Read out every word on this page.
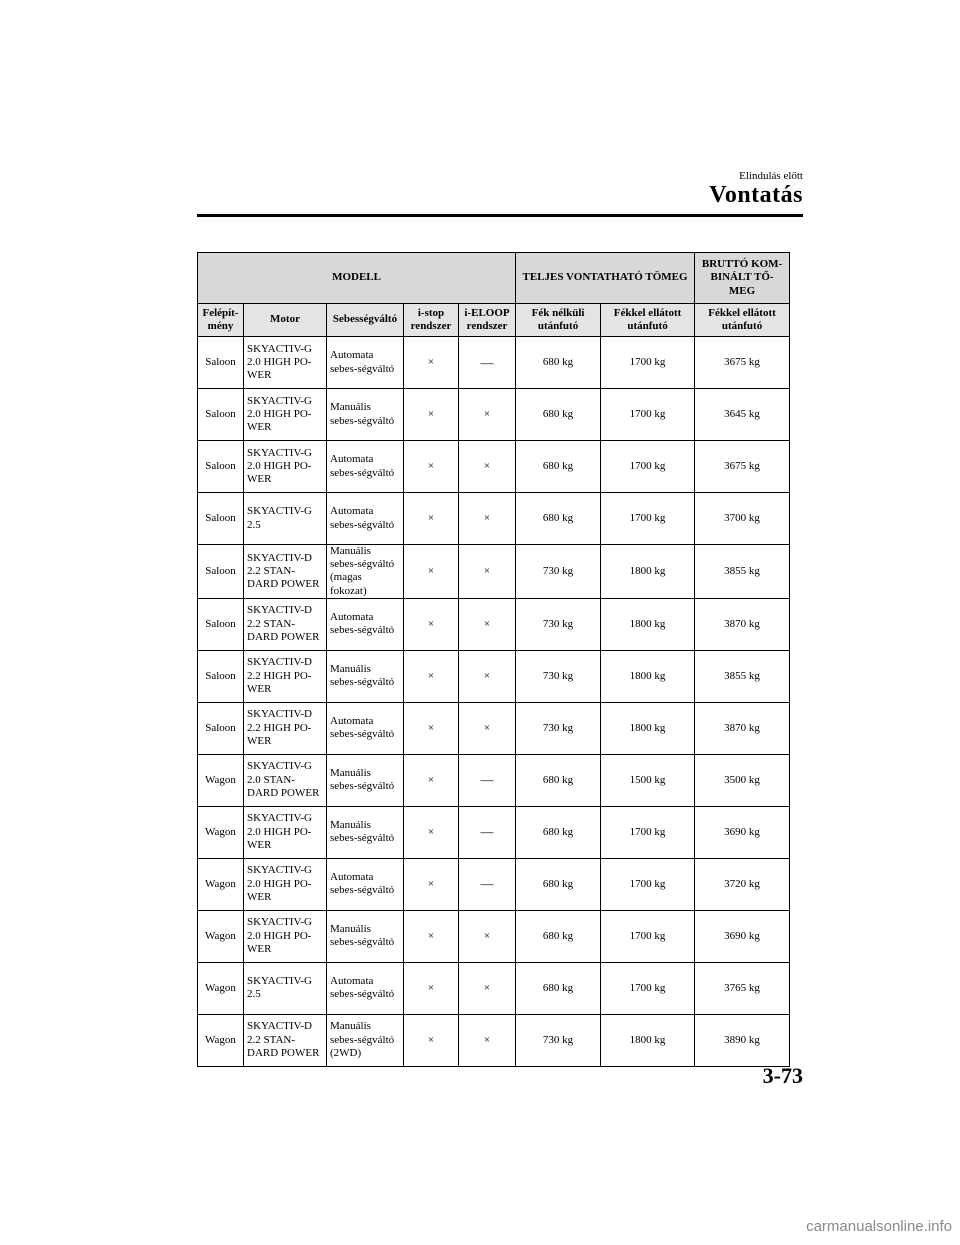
Elindulás előtt
Vontatás
MODELL					TELJES VONTATHATÓ TÖMEG		BRUTTÓ KOM-BINÁLT TŐ-MEG
Felépít-mény	Motor	Sebességváltó	i-stop rendszer	i-ELOOP rendszer	Fék nélküli utánfutó	Fékkel ellátott utánfutó	Fékkel ellátott utánfutó
Saloon	SKYACTIV-G 2.0 HIGH PO-WER	Automata sebes-ségváltó	×	—	680 kg	1700 kg	3675 kg
Saloon	SKYACTIV-G 2.0 HIGH PO-WER	Manuális sebes-ségváltó	×	×	680 kg	1700 kg	3645 kg
Saloon	SKYACTIV-G 2.0 HIGH PO-WER	Automata sebes-ségváltó	×	×	680 kg	1700 kg	3675 kg
Saloon	SKYACTIV-G 2.5	Automata sebes-ségváltó	×	×	680 kg	1700 kg	3700 kg
Saloon	SKYACTIV-D 2.2 STAN-DARD POWER	Manuális sebes-ségváltó (magas fokozat)	×	×	730 kg	1800 kg	3855 kg
Saloon	SKYACTIV-D 2.2 STAN-DARD POWER	Automata sebes-ségváltó	×	×	730 kg	1800 kg	3870 kg
Saloon	SKYACTIV-D 2.2 HIGH PO-WER	Manuális sebes-ségváltó	×	×	730 kg	1800 kg	3855 kg
Saloon	SKYACTIV-D 2.2 HIGH PO-WER	Automata sebes-ségváltó	×	×	730 kg	1800 kg	3870 kg
Wagon	SKYACTIV-G 2.0 STAN-DARD POWER	Manuális sebes-ségváltó	×	—	680 kg	1500 kg	3500 kg
Wagon	SKYACTIV-G 2.0 HIGH PO-WER	Manuális sebes-ségváltó	×	—	680 kg	1700 kg	3690 kg
Wagon	SKYACTIV-G 2.0 HIGH PO-WER	Automata sebes-ségváltó	×	—	680 kg	1700 kg	3720 kg
Wagon	SKYACTIV-G 2.0 HIGH PO-WER	Manuális sebes-ségváltó	×	×	680 kg	1700 kg	3690 kg
Wagon	SKYACTIV-G 2.5	Automata sebes-ségváltó	×	×	680 kg	1700 kg	3765 kg
Wagon	SKYACTIV-D 2.2 STAN-DARD POWER	Manuális sebes-ségváltó (2WD)	×	×	730 kg	1800 kg	3890 kg
3-73
carmanualsonline.info
